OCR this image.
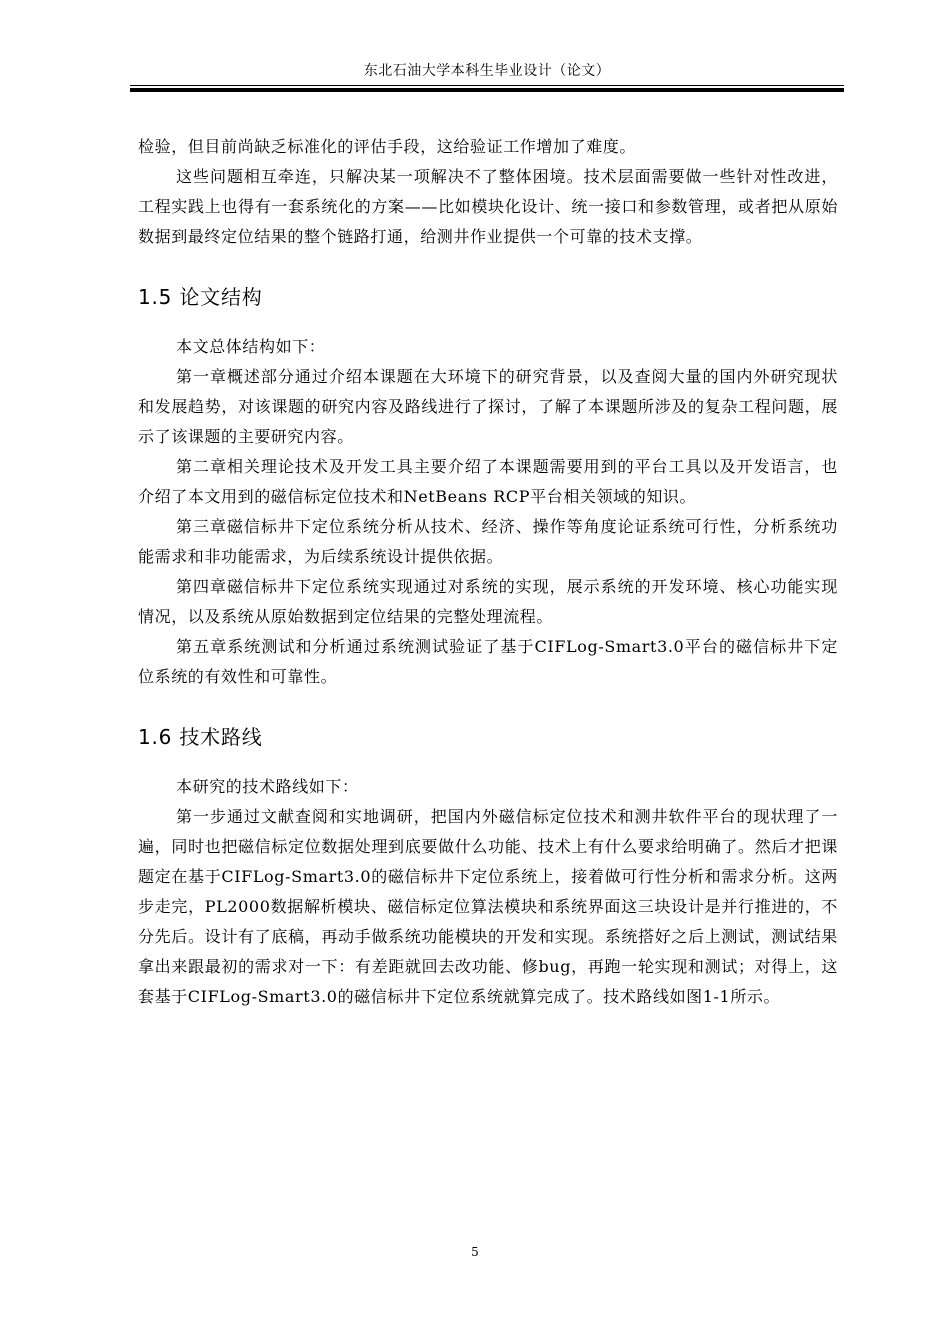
东北石油大学本科生毕业设计（论文）

检验，但目前尚缺乏标准化的评估手段，这给验证工作增加了难度。

这些问题相互牵连，只解决某一项解决不了整体困境。技术层面需要做一些针对性改进，工程实践上也得有一套系统化的方案——比如模块化设计、统一接口和参数管理，或者把从原始数据到最终定位结果的整个链路打通，给测井作业提供一个可靠的技术支撑。

1.5 论文结构

本文总体结构如下：

第一章概述部分通过介绍本课题在大环境下的研究背景，以及查阅大量的国内外研究现状和发展趋势，对该课题的研究内容及路线进行了探讨，了解了本课题所涉及的复杂工程问题，展示了该课题的主要研究内容。

第二章相关理论技术及开发工具主要介绍了本课题需要用到的平台工具以及开发语言，也介绍了本文用到的磁信标定位技术和NetBeans RCP平台相关领域的知识。

第三章磁信标井下定位系统分析从技术、经济、操作等角度论证系统可行性，分析系统功能需求和非功能需求，为后续系统设计提供依据。

第四章磁信标井下定位系统实现通过对系统的实现，展示系统的开发环境、核心功能实现情况，以及系统从原始数据到定位结果的完整处理流程。

第五章系统测试和分析通过系统测试验证了基于CIFLog-Smart3.0平台的磁信标井下定位系统的有效性和可靠性。

1.6 技术路线

本研究的技术路线如下：

第一步通过文献查阅和实地调研，把国内外磁信标定位技术和测井软件平台的现状理了一遍，同时也把磁信标定位数据处理到底要做什么功能、技术上有什么要求给明确了。然后才把课题定在基于CIFLog-Smart3.0的磁信标井下定位系统上，接着做可行性分析和需求分析。这两步走完，PL2000数据解析模块、磁信标定位算法模块和系统界面这三块设计是并行推进的，不分先后。设计有了底稿，再动手做系统功能模块的开发和实现。系统搭好之后上测试，测试结果拿出来跟最初的需求对一下：有差距就回去改功能、修bug，再跑一轮实现和测试；对得上，这套基于CIFLog-Smart3.0的磁信标井下定位系统就算完成了。技术路线如图1-1所示。

5
